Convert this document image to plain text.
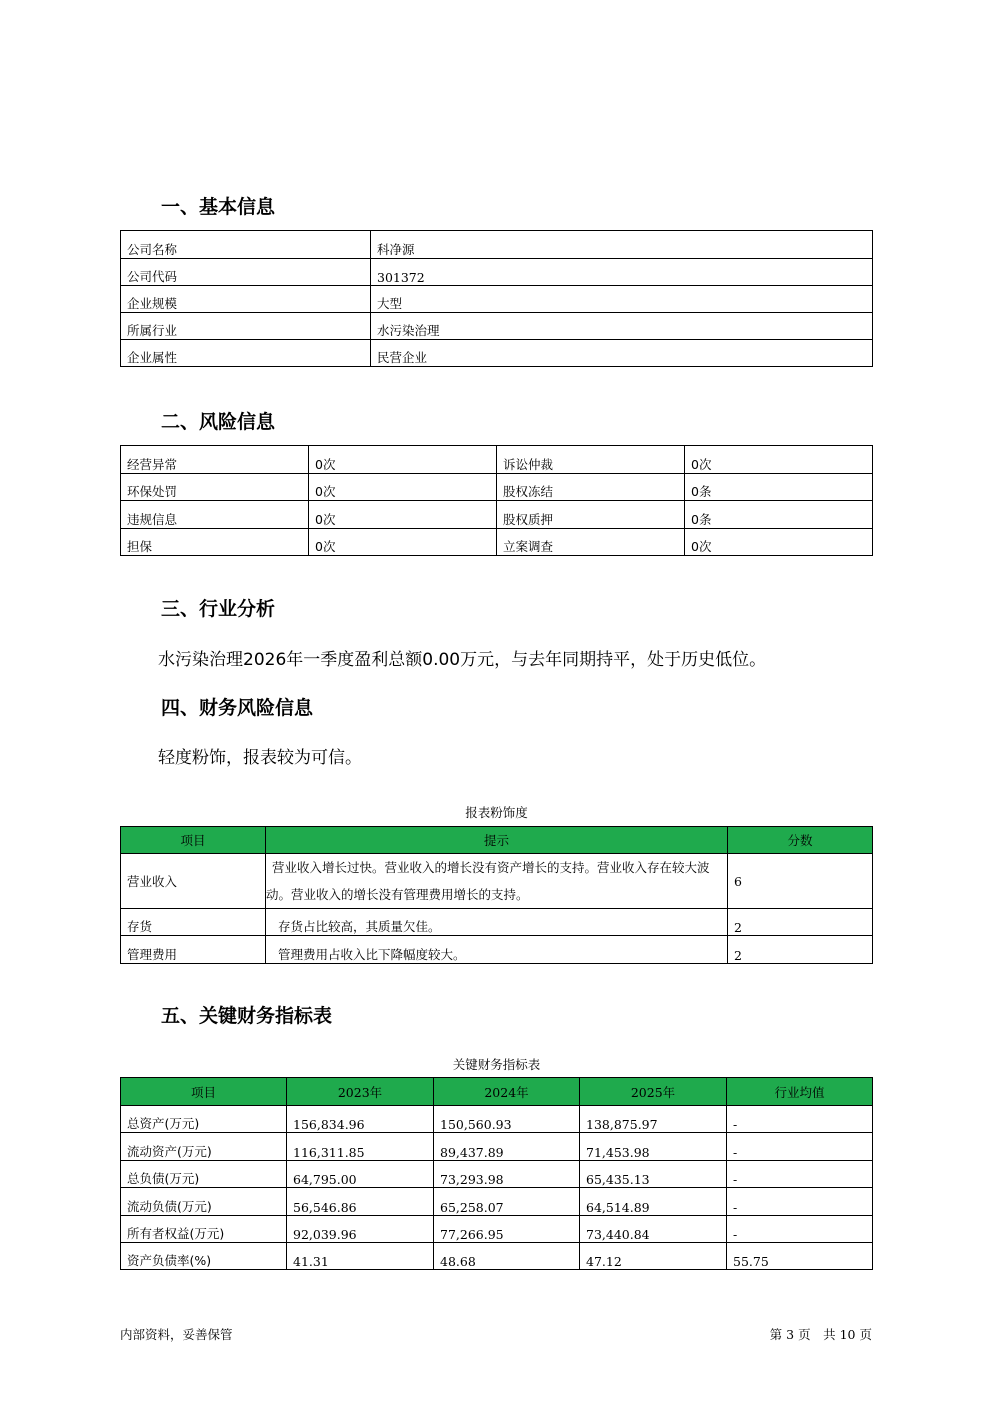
一、基本信息
公司名称	科净源
公司代码	301372
企业规模	大型
所属行业	水污染治理
企业属性	民营企业
二、风险信息
经营异常	0次	诉讼仲裁	0次
环保处罚	0次	股权冻结	0条
违规信息	0次	股权质押	0条
担保	0次	立案调查	0次
三、行业分析

水污染治理2026年一季度盈利总额0.00万元，与去年同期持平，处于历史低位。

四、财务风险信息

轻度粉饰，报表较为可信。

报表粉饰度
项目	提示	分数
营业收入	营业收入增长过快。营业收入的增长没有资产增长的支持。营业收入存在较大波动。营业收入的增长没有管理费用增长的支持。	6
存货	存货占比较高，其质量欠佳。	2
管理费用	管理费用占收入比下降幅度较大。	2
五、关键财务指标表
关键财务指标表
项目	2023年	2024年	2025年	行业均值
总资产(万元)	156,834.96	150,560.93	138,875.97	-
流动资产(万元)	116,311.85	89,437.89	71,453.98	-
总负债(万元)	64,795.00	73,293.98	65,435.13	-
流动负债(万元)	56,546.86	65,258.07	64,514.89	-
所有者权益(万元)	92,039.96	77,266.95	73,440.84	-
资产负债率(%)	41.31	48.68	47.12	55.75
内部资料，妥善保管	第 3 页　共 10 页
